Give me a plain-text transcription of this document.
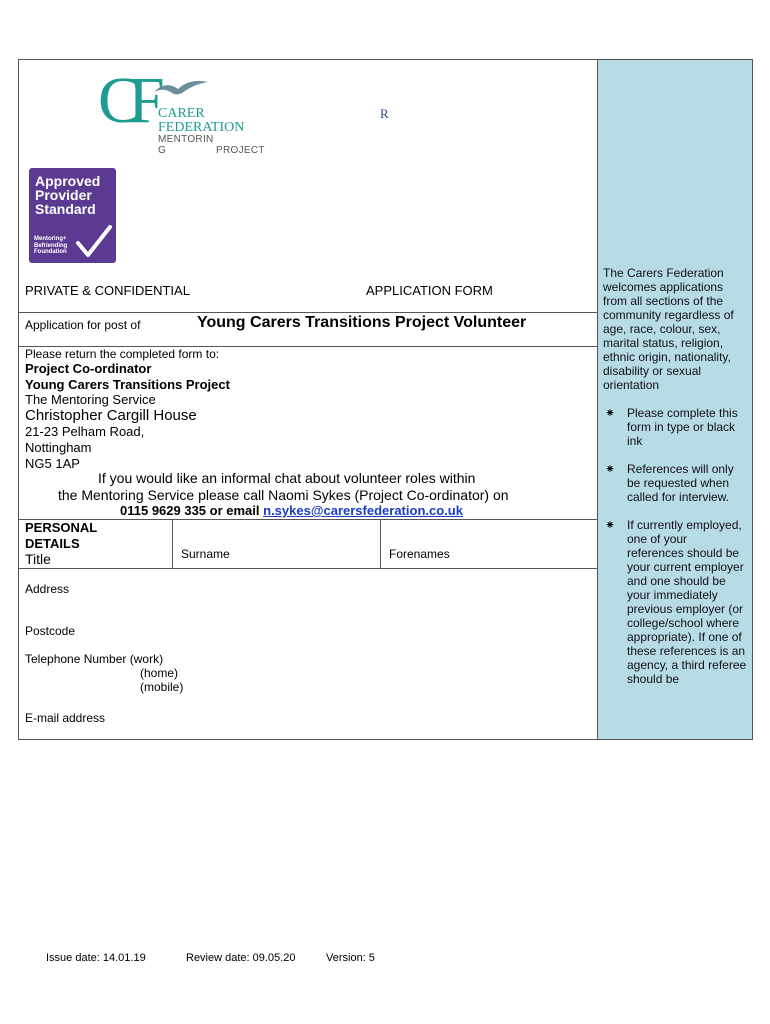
CF CARER
FEDERATION
MENTORIN
G	PROJECT
R
Approved
Provider
Standard
Mentoring+
Befriending
Foundation
PRIVATE & CONFIDENTIAL	APPLICATION FORM
Application for post of	Young Carers Transitions Project Volunteer
Please return the completed form to:
Project Co-ordinator
Young Carers Transitions Project
The Mentoring Service
Christopher Cargill House
21-23 Pelham Road,
Nottingham
NG5 1AP
If you would like an informal chat about volunteer roles within
the Mentoring Service please call Naomi Sykes (Project Co-ordinator) on
0115 9629 335 or email n.sykes@carersfederation.co.uk
PERSONAL
DETAILS
Title	Surname	Forenames
Address
Postcode
Telephone Number (work)
(home)
(mobile)
E-mail address
The Carers Federation welcomes applications from all sections of the community regardless of age, race, colour, sex, marital status, religion, ethnic origin, nationality, disability or sexual orientation
⁕ Please complete this form in type or black ink
⁕ References will only be requested when called for interview.
⁕ If currently employed, one of your references should be your current employer and one should be your immediately previous employer (or college/school where appropriate). If one of these references is an agency, a third referee should be
Issue date: 14.01.19	Review date: 09.05.20	Version: 5
